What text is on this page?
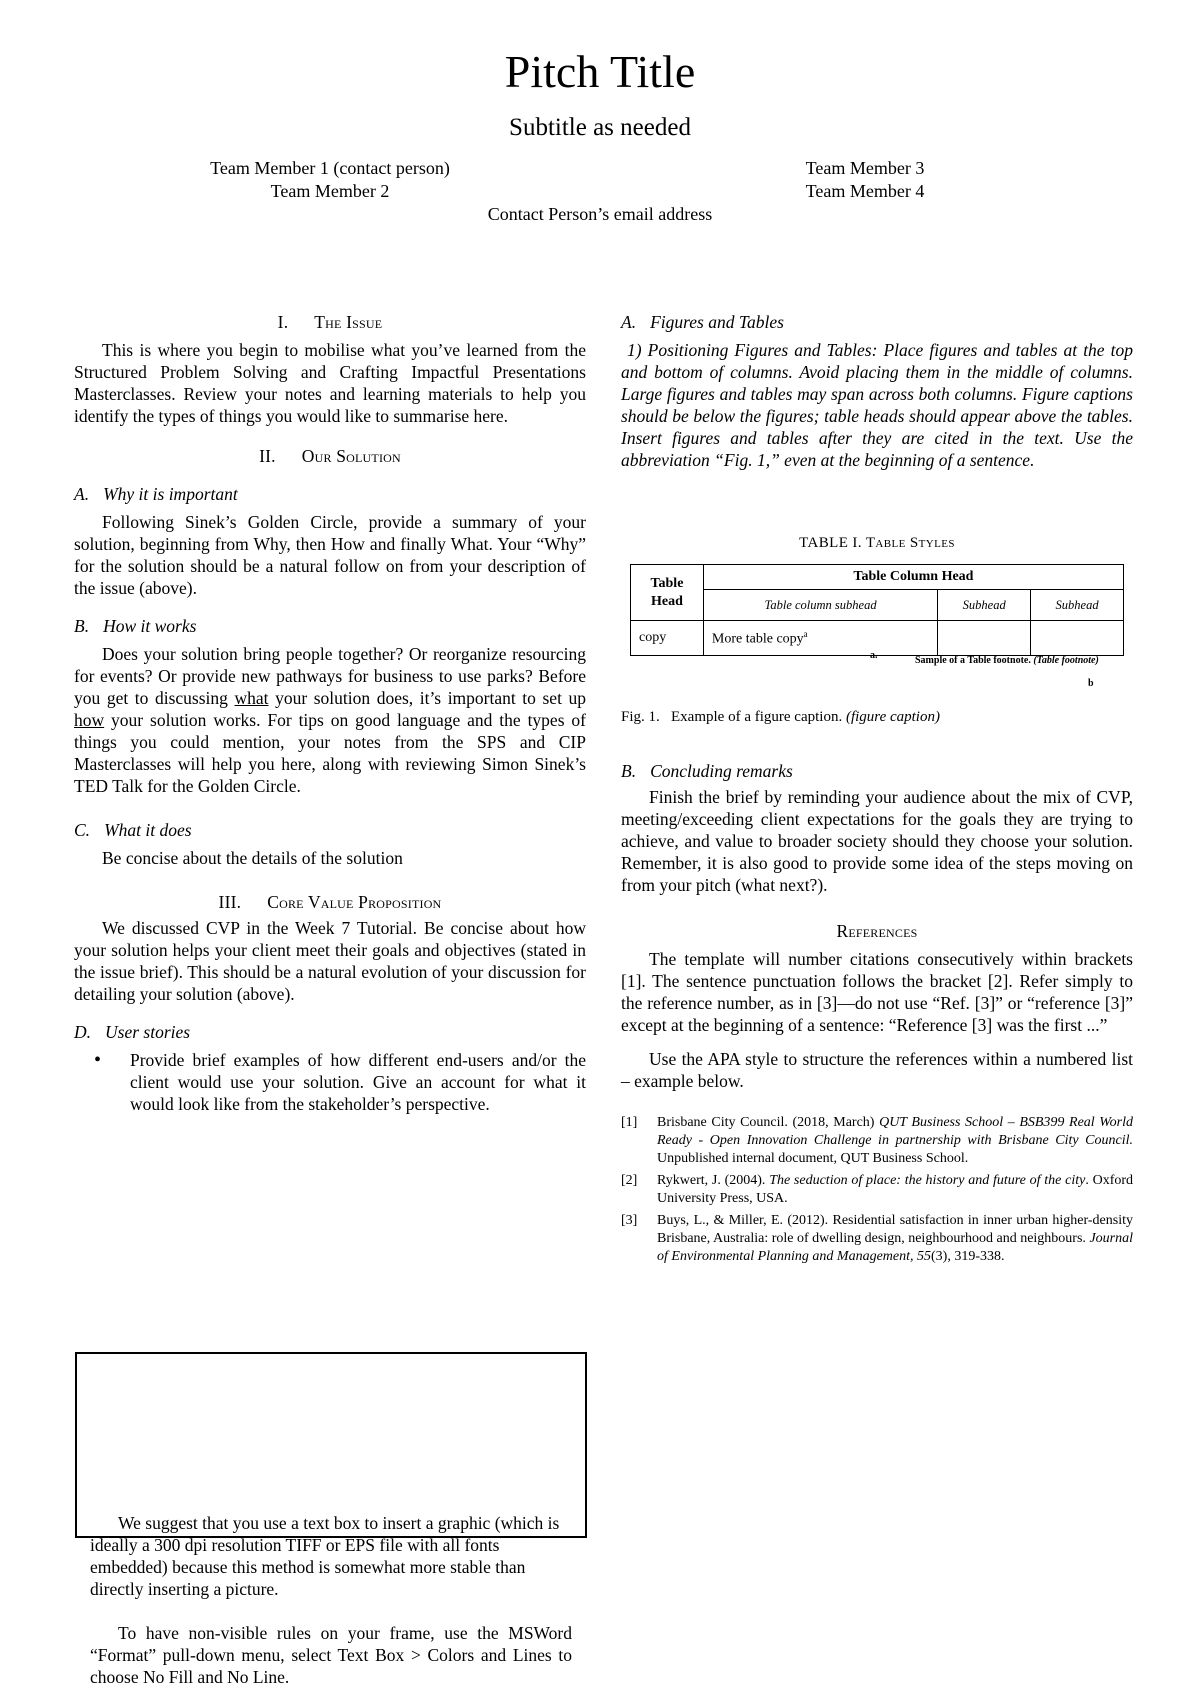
Pitch Title
Subtitle as needed
Team Member 1 (contact person)
Team Member 2
Team Member 3
Team Member 4
Contact Person’s email address
I. The Issue

This is where you begin to mobilise what you’ve learned from the Structured Problem Solving and Crafting Impactful Presentations Masterclasses. Review your notes and learning materials to help you identify the types of things you would like to summarise here.

II. Our Solution
A. Why it is important

Following Sinek’s Golden Circle, provide a summary of your solution, beginning from Why, then How and finally What. Your “Why” for the solution should be a natural follow on from your description of the issue (above).

B. How it works

Does your solution bring people together? Or reorganize resourcing for events? Or provide new pathways for business to use parks? Before you get to discussing what your solution does, it’s important to set up how your solution works. For tips on good language and the types of things you could mention, your notes from the SPS and CIP Masterclasses will help you here, along with reviewing Simon Sinek’s TED Talk for the Golden Circle.

C. What it does

Be concise about the details of the solution

III. Core Value Proposition

We discussed CVP in the Week 7 Tutorial. Be concise about how your solution helps your client meet their goals and objectives (stated in the issue brief). This should be a natural evolution of your discussion for detailing your solution (above).

D. User stories
• Provide brief examples of how different end-users and/or the client would use your solution. Give an account for what it would look like from the stakeholder’s perspective.

We suggest that you use a text box to insert a graphic (which is ideally a 300 dpi resolution TIFF or EPS file with all fonts embedded) because this method is somewhat more stable than directly inserting a picture.

To have non-visible rules on your frame, use the MSWord “Format” pull-down menu, select Text Box > Colors and Lines to choose No Fill and No Line.

A. Figures and Tables

1) Positioning Figures and Tables: Place figures and tables at the top and bottom of columns. Avoid placing them in the middle of columns. Large figures and tables may span across both columns. Figure captions should be below the figures; table heads should appear above the tables. Insert figures and tables after they are cited in the text. Use the abbreviation “Fig. 1,” even at the beginning of a sentence.

TABLE I. Table Styles
Table Head	Table Column Head		
	Table column subhead	Subhead	Subhead
copy	More table copy$^a$		
a.	Sample of a Table footnote. (Table footnote)
b
Fig. 1. Example of a figure caption. (figure caption)
B. Concluding remarks

Finish the brief by reminding your audience about the mix of CVP, meeting/exceeding client expectations for the goals they are trying to achieve, and value to broader society should they choose your solution. Remember, it is also good to provide some idea of the steps moving on from your pitch (what next?).

References

The template will number citations consecutively within brackets [1]. The sentence punctuation follows the bracket [2]. Refer simply to the reference number, as in [3]—do not use “Ref. [3]” or “reference [3]” except at the beginning of a sentence: “Reference [3] was the first ...”

Use the APA style to structure the references within a numbered list – example below.

[1] Brisbane City Council. (2018, March) QUT Business School – BSB399 Real World Ready - Open Innovation Challenge in partnership with Brisbane City Council. Unpublished internal document, QUT Business School.

[2] Rykwert, J. (2004). The seduction of place: the history and future of the city. Oxford University Press, USA.

[3] Buys, L., & Miller, E. (2012). Residential satisfaction in inner urban higher-density Brisbane, Australia: role of dwelling design, neighbourhood and neighbours. Journal of Environmental Planning and Management, 55(3), 319-338.
